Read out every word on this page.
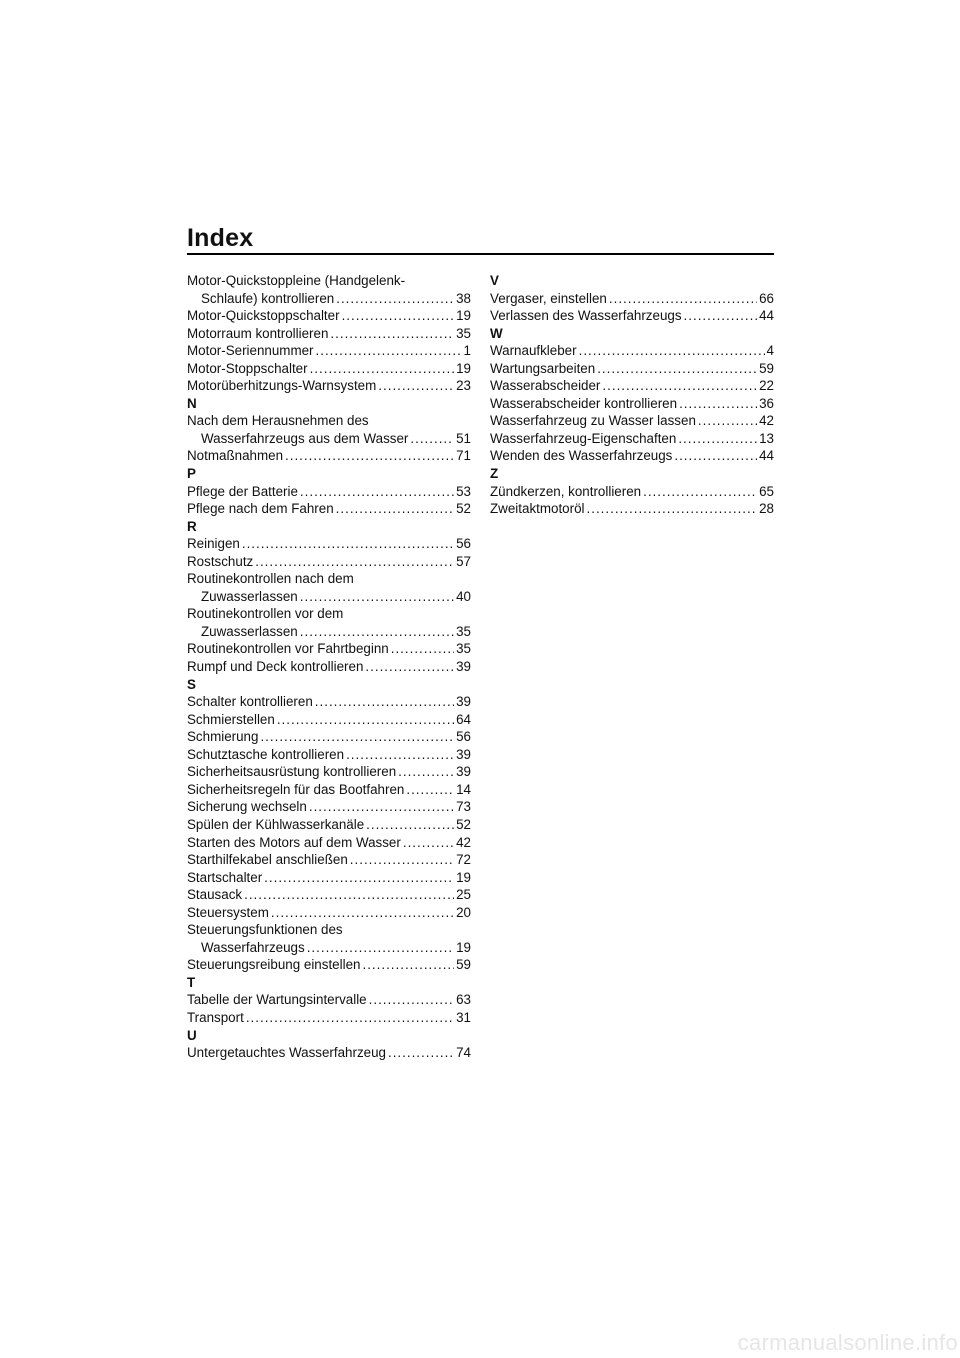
Index
Motor-Quickstoppleine (Handgelenk-
Schlaufe) kontrollieren .....	38
Motor-Quickstoppschalter .....	19
Motorraum kontrollieren .....	35
Motor-Seriennummer .....	1
Motor-Stoppschalter .....	19
Motorüberhitzungs-Warnsystem .....	23
N
Nach dem Herausnehmen des
Wasserfahrzeugs aus dem Wasser .....	51
Notmaßnahmen .....	71
P
Pflege der Batterie .....	53
Pflege nach dem Fahren .....	52
R
Reinigen .....	56
Rostschutz .....	57
Routinekontrollen nach dem
Zuwasserlassen .....	40
Routinekontrollen vor dem
Zuwasserlassen .....	35
Routinekontrollen vor Fahrtbeginn .....	35
Rumpf und Deck kontrollieren .....	39
S
Schalter kontrollieren .....	39
Schmierstellen .....	64
Schmierung .....	56
Schutztasche kontrollieren .....	39
Sicherheitsausrüstung kontrollieren .....	39
Sicherheitsregeln für das Bootfahren .....	14
Sicherung wechseln .....	73
Spülen der Kühlwasserkanäle .....	52
Starten des Motors auf dem Wasser .....	42
Starthilfekabel anschließen .....	72
Startschalter .....	19
Stausack .....	25
Steuersystem .....	20
Steuerungsfunktionen des
Wasserfahrzeugs .....	19
Steuerungsreibung einstellen .....	59
T
Tabelle der Wartungsintervalle .....	63
Transport .....	31
U
Untergetauchtes Wasserfahrzeug .....	74
V
Vergaser, einstellen .....	66
Verlassen des Wasserfahrzeugs .....	44
W
Warnaufkleber .....	4
Wartungsarbeiten .....	59
Wasserabscheider .....	22
Wasserabscheider kontrollieren .....	36
Wasserfahrzeug zu Wasser lassen .....	42
Wasserfahrzeug-Eigenschaften .....	13
Wenden des Wasserfahrzeugs .....	44
Z
Zündkerzen, kontrollieren .....	65
Zweitaktmotoröl .....	28
carmanualsonline.info
